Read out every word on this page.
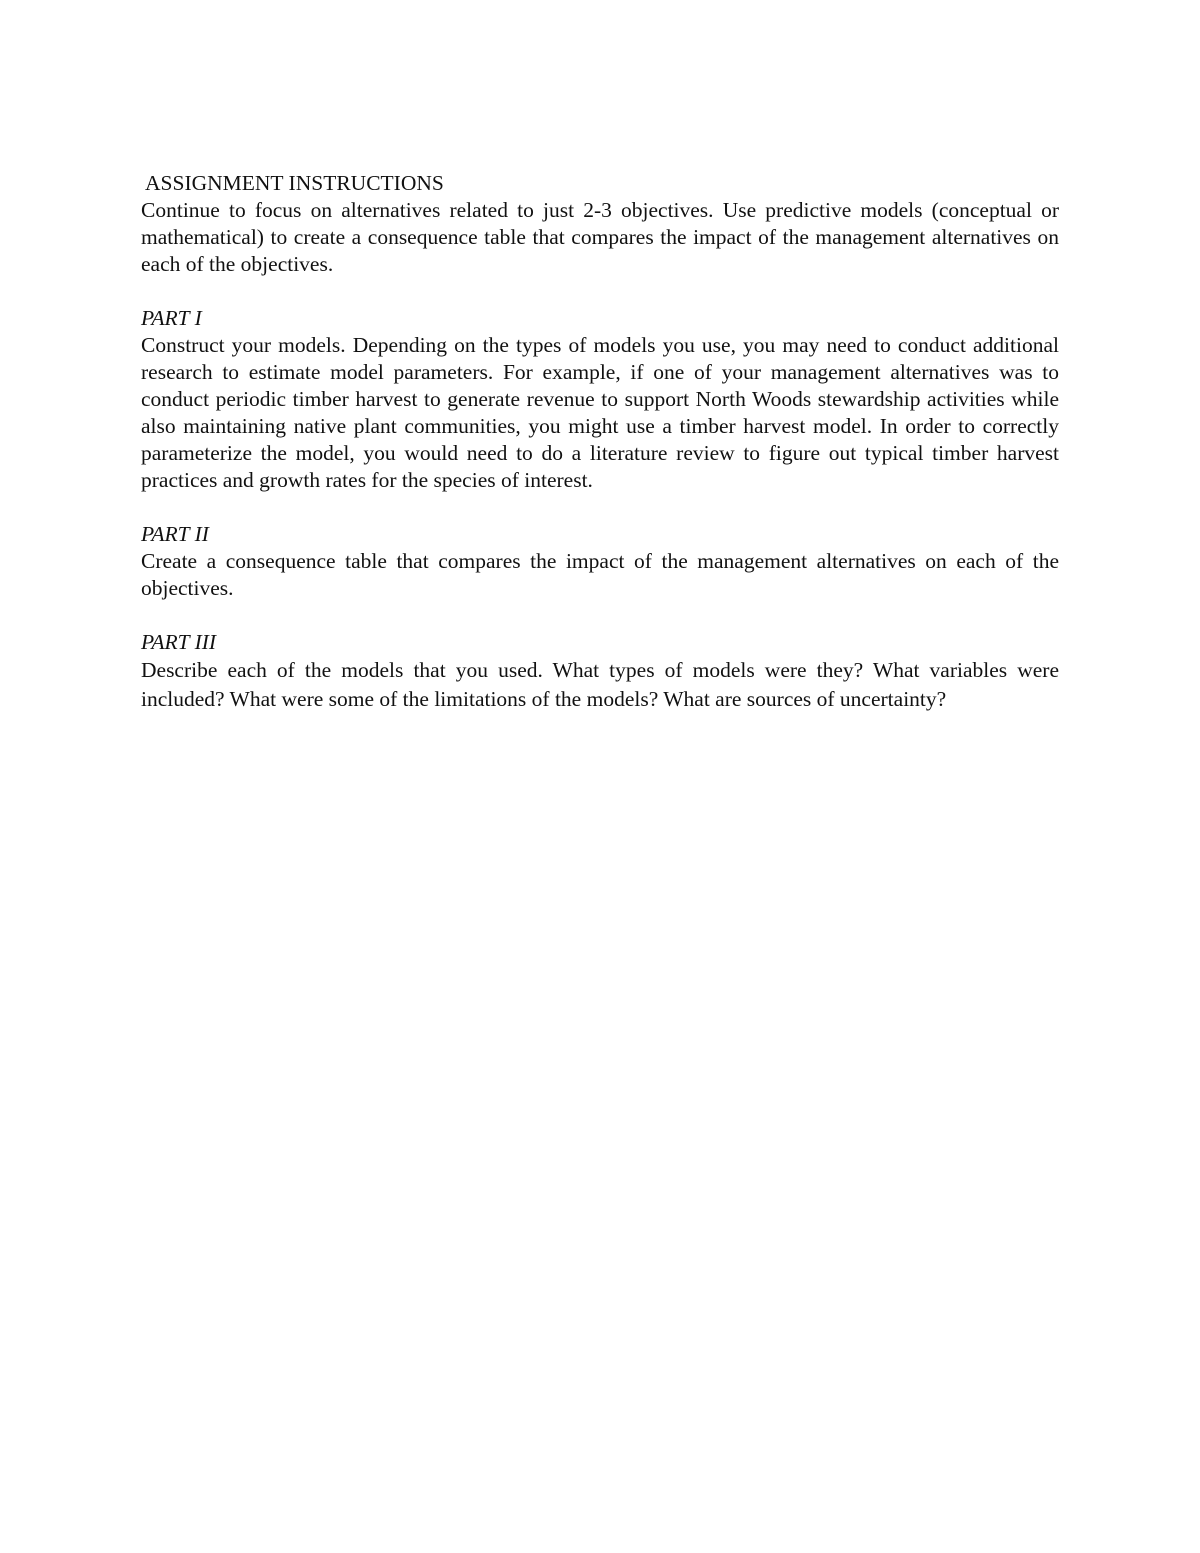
ASSIGNMENT INSTRUCTIONS

Continue to focus on alternatives related to just 2-3 objectives. Use predictive models (conceptual or mathematical) to create a consequence table that compares the impact of the management alternatives on each of the objectives.

PART I

Construct your models. Depending on the types of models you use, you may need to conduct additional research to estimate model parameters. For example, if one of your management alternatives was to conduct periodic timber harvest to generate revenue to support North Woods stewardship activities while also maintaining native plant communities, you might use a timber harvest model. In order to correctly parameterize the model, you would need to do a literature review to figure out typical timber harvest practices and growth rates for the species of interest.

PART II

Create a consequence table that compares the impact of the management alternatives on each of the objectives.

PART III

Describe each of the models that you used. What types of models were they? What variables were included? What were some of the limitations of the models? What are sources of uncertainty?
